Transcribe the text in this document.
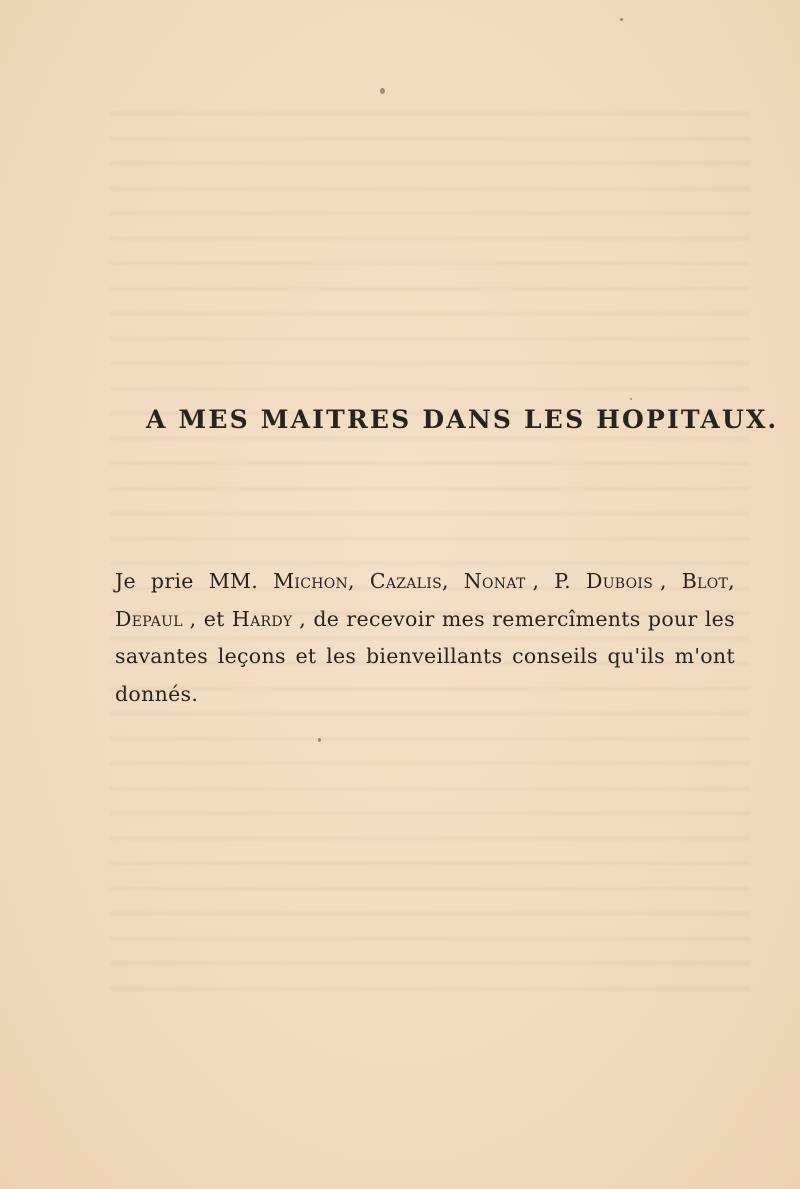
A MES MAITRES DANS LES HOPITAUX.
Je prie MM. Michon, Cazalis, Nonat , P. Dubois , Blot,
Depaul , et Hardy , de recevoir mes remercîments pour les
savantes leçons et les bienveillants conseils qu'ils m'ont
donnés.
